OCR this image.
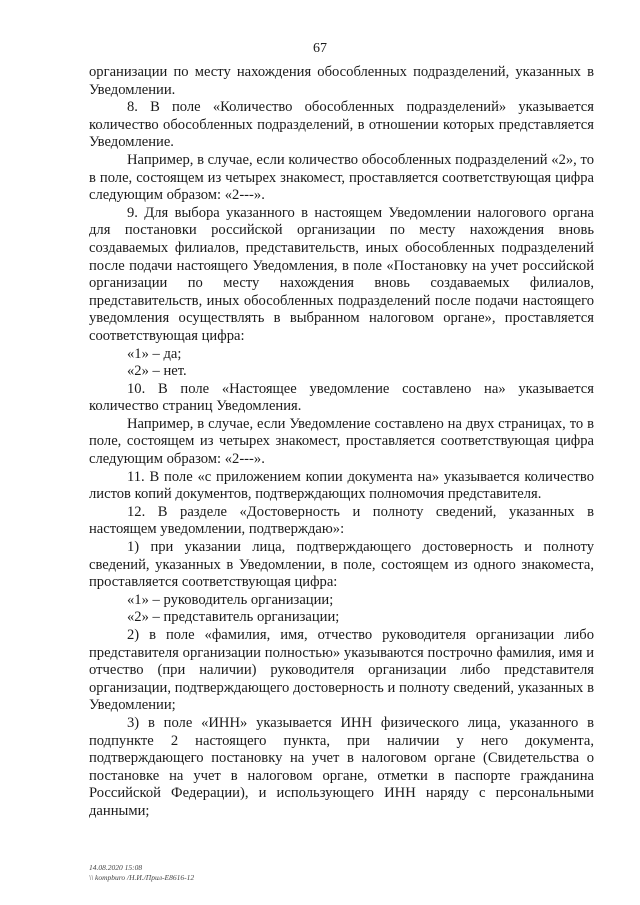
67

организации по месту нахождения обособленных подразделений, указанных в Уведомлении.

8. В поле «Количество обособленных подразделений» указывается количество обособленных подразделений, в отношении которых представляется Уведомление.

Например, в случае, если количество обособленных подразделений «2», то в поле, состоящем из четырех знакомест, проставляется соответствующая цифра следующим образом: «2---».

9. Для выбора указанного в настоящем Уведомлении налогового органа для постановки российской организации по месту нахождения вновь создаваемых филиалов, представительств, иных обособленных подразделений после подачи настоящего Уведомления, в поле «Постановку на учет российской организации по месту нахождения вновь создаваемых филиалов, представительств, иных обособленных подразделений после подачи настоящего уведомления осуществлять в выбранном налоговом органе», проставляется соответствующая цифра:

«1» – да;

«2» – нет.

10. В поле «Настоящее уведомление составлено на» указывается количество страниц Уведомления.

Например, в случае, если Уведомление составлено на двух страницах, то в поле, состоящем из четырех знакомест, проставляется соответствующая цифра следующим образом: «2---».

11. В поле «с приложением копии документа на» указывается количество листов копий документов, подтверждающих полномочия представителя.

12. В разделе «Достоверность и полноту сведений, указанных в настоящем уведомлении, подтверждаю»:

1) при указании лица, подтверждающего достоверность и полноту сведений, указанных в Уведомлении, в поле, состоящем из одного знакоместа, проставляется соответствующая цифра:

«1» – руководитель организации;

«2» – представитель организации;

2) в поле «фамилия, имя, отчество руководителя организации либо представителя организации полностью» указываются построчно фамилия, имя и отчество (при наличии) руководителя организации либо представителя организации, подтверждающего достоверность и полноту сведений, указанных в Уведомлении;

3) в поле «ИНН» указывается ИНН физического лица, указанного в подпункте 2 настоящего пункта, при наличии у него документа, подтверждающего постановку на учет в налоговом органе (Свидетельства о постановке на учет в налоговом органе, отметки в паспорте гражданина Российской Федерации), и использующего ИНН наряду с персональными данными;

14.08.2020 15:08
\\ kompburo /Н.И./Прил-Е8616-12
